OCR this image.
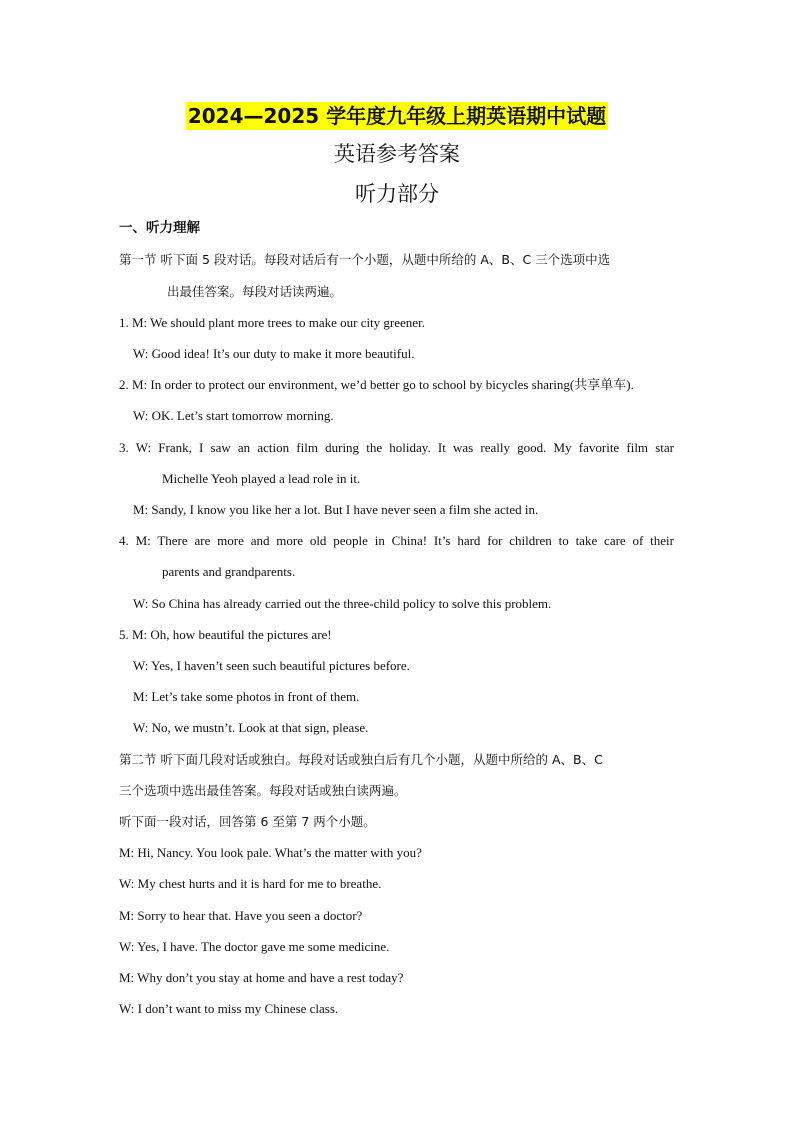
2024—2025 学年度九年级上期英语期中试题
英语参考答案
听力部分
一、听力理解
第一节 听下面 5 段对话。每段对话后有一个小题，从题中所给的 A、B、C 三个选项中选
出最佳答案。每段对话读两遍。
1. M: We should plant more trees to make our city greener.
W: Good idea! It’s our duty to make it more beautiful.
2. M: In order to protect our environment, we’d better go to school by bicycles sharing(共享单车).
W: OK. Let’s start tomorrow morning.
3. W: Frank, I saw an action film during the holiday. It was really good. My favorite film star
Michelle Yeoh played a lead role in it.
M: Sandy, I know you like her a lot. But I have never seen a film she acted in.
4. M: There are more and more old people in China! It’s hard for children to take care of their
parents and grandparents.
W: So China has already carried out the three-child policy to solve this problem.
5. M: Oh, how beautiful the pictures are!
W: Yes, I haven’t seen such beautiful pictures before.
M: Let’s take some photos in front of them.
W: No, we mustn’t. Look at that sign, please.
第二节 听下面几段对话或独白。每段对话或独白后有几个小题，从题中所给的 A、B、C
三个选项中选出最佳答案。每段对话或独白读两遍。
听下面一段对话，回答第 6 至第 7 两个小题。
M: Hi, Nancy. You look pale. What’s the matter with you?
W: My chest hurts and it is hard for me to breathe.
M: Sorry to hear that. Have you seen a doctor?
W: Yes, I have. The doctor gave me some medicine.
M: Why don’t you stay at home and have a rest today?
W: I don’t want to miss my Chinese class.
